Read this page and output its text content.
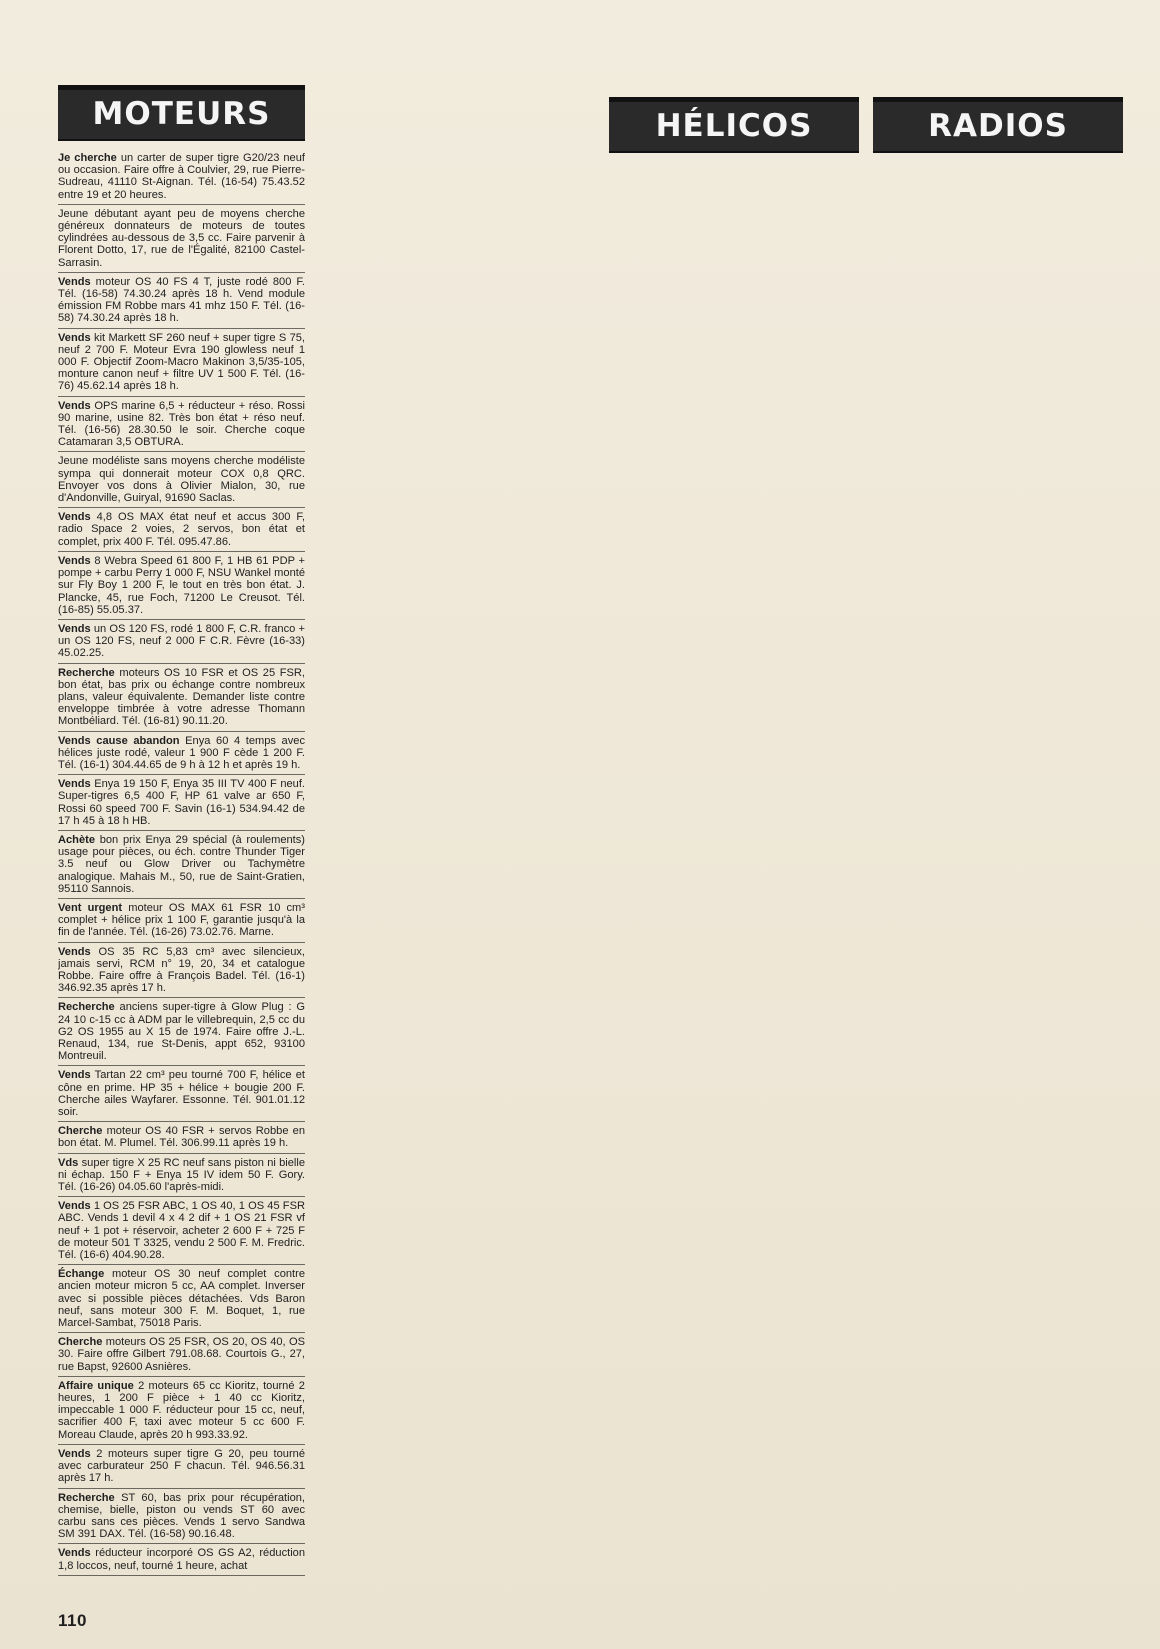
MOTEURS
Je cherche un carter de super tigre G20/23 neuf ou occasion. Faire offre à Coulvier, 29, rue Pierre-Sudreau, 41110 St-Aignan. Tél. (16-54) 75.43.52 entre 19 et 20 heures.
Jeune débutant ayant peu de moyens cherche généreux donnateurs de moteurs de toutes cylindrées au-dessous de 3,5 cc. Faire parvenir à Florent Dotto, 17, rue de l'Égalité, 82100 Castel-Sarrasin.
Vends moteur OS 40 FS 4 T, juste rodé 800 F. Tél. (16-58) 74.30.24 après 18 h. Vend module émission FM Robbe mars 41 mhz 150 F. Tél. (16-58) 74.30.24 après 18 h.
Vends kit Markett SF 260 neuf + super tigre S 75, neuf 2 700 F. Moteur Evra 190 glowless neuf 1 000 F. Objectif Zoom-Macro Makinon 3,5/35-105, monture canon neuf + filtre UV 1 500 F. Tél. (16-76) 45.62.14 après 18 h.
Vends OPS marine 6,5 + réducteur + réso. Rossi 90 marine, usine 82. Très bon état + réso neuf. Tél. (16-56) 28.30.50 le soir. Cherche coque Catamaran 3,5 OBTURA.
Jeune modéliste sans moyens cherche modéliste sympa qui donnerait moteur COX 0,8 QRC. Envoyer vos dons à Olivier Mialon, 30, rue d'Andonville, Guiryal, 91690 Saclas.
Vends 4,8 OS MAX état neuf et accus 300 F, radio Space 2 voies, 2 servos, bon état et complet, prix 400 F. Tél. 095.47.86.
Vends 8 Webra Speed 61 800 F, 1 HB 61 PDP + pompe + carbu Perry 1 000 F, NSU Wankel monté sur Fly Boy 1 200 F, le tout en très bon état. J. Plancke, 45, rue Foch, 71200 Le Creusot. Tél. (16-85) 55.05.37.
Vends un OS 120 FS, rodé 1 800 F, C.R. franco + un OS 120 FS, neuf 2 000 F C.R. Fèvre (16-33) 45.02.25.
Recherche moteurs OS 10 FSR et OS 25 FSR, bon état, bas prix ou échange contre nombreux plans, valeur équivalente. Demander liste contre enveloppe timbrée à votre adresse Thomann Montbéliard. Tél. (16-81) 90.11.20.
Vends cause abandon Enya 60 4 temps avec hélices juste rodé, valeur 1 900 F cède 1 200 F. Tél. (16-1) 304.44.65 de 9 h à 12 h et après 19 h.
Vends Enya 19 150 F, Enya 35 III TV 400 F neuf. Super-tigres 6,5 400 F, HP 61 valve ar 650 F, Rossi 60 speed 700 F. Savin (16-1) 534.94.42 de 17 h 45 à 18 h HB.
Achète bon prix Enya 29 spécial (à roulements) usage pour pièces, ou éch. contre Thunder Tiger 3.5 neuf ou Glow Driver ou Tachymètre analogique. Mahais M., 50, rue de Saint-Gratien, 95110 Sannois.
Vent urgent moteur OS MAX 61 FSR 10 cm³ complet + hélice prix 1 100 F, garantie jusqu'à la fin de l'année. Tél. (16-26) 73.02.76. Marne.
Vends OS 35 RC 5,83 cm³ avec silencieux, jamais servi, RCM n° 19, 20, 34 et catalogue Robbe. Faire offre à François Badel. Tél. (16-1) 346.92.35 après 17 h.
Recherche anciens super-tigre à Glow Plug : G 24 10 c-15 cc à ADM par le villebrequin, 2,5 cc du G2 OS 1955 au X 15 de 1974. Faire offre J.-L. Renaud, 134, rue St-Denis, appt 652, 93100 Montreuil.
Vends Tartan 22 cm³ peu tourné 700 F, hélice et cône en prime. HP 35 + hélice + bougie 200 F. Cherche ailes Wayfarer. Essonne. Tél. 901.01.12 soir.
Cherche moteur OS 40 FSR + servos Robbe en bon état. M. Plumel. Tél. 306.99.11 après 19 h.
Vds super tigre X 25 RC neuf sans piston ni bielle ni échap. 150 F + Enya 15 IV idem 50 F. Gory. Tél. (16-26) 04.05.60 l'après-midi.
Vends 1 OS 25 FSR ABC, 1 OS 40, 1 OS 45 FSR ABC. Vends 1 devil 4 x 4 2 dif + 1 OS 21 FSR vf neuf + 1 pot + réservoir, acheter 2 600 F + 725 F de moteur 501 T 3325, vendu 2 500 F. M. Fredric. Tél. (16-6) 404.90.28.
Échange moteur OS 30 neuf complet contre ancien moteur micron 5 cc, AA complet. Inverser avec si possible pièces détachées. Vds Baron neuf, sans moteur 300 F. M. Boquet, 1, rue Marcel-Sambat, 75018 Paris.
Cherche moteurs OS 25 FSR, OS 20, OS 40, OS 30. Faire offre Gilbert 791.08.68. Courtois G., 27, rue Bapst, 92600 Asnières.
Affaire unique 2 moteurs 65 cc Kioritz, tourné 2 heures, 1 200 F pièce + 1 40 cc Kioritz, impeccable 1 000 F. réducteur pour 15 cc, neuf, sacrifier 400 F, taxi avec moteur 5 cc 600 F. Moreau Claude, après 20 h 993.33.92.
Vends 2 moteurs super tigre G 20, peu tourné avec carburateur 250 F chacun. Tél. 946.56.31 après 17 h.
Recherche ST 60, bas prix pour récupération, chemise, bielle, piston ou vends ST 60 avec carbu sans ces pièces. Vends 1 servo Sandwa SM 391 DAX. Tél. (16-58) 90.16.48.
Vends réducteur incorporé OS GS A2, réduction 1,8 loccos, neuf, tourné 1 heure, achat
HÉLICOS	RADIOS
110
